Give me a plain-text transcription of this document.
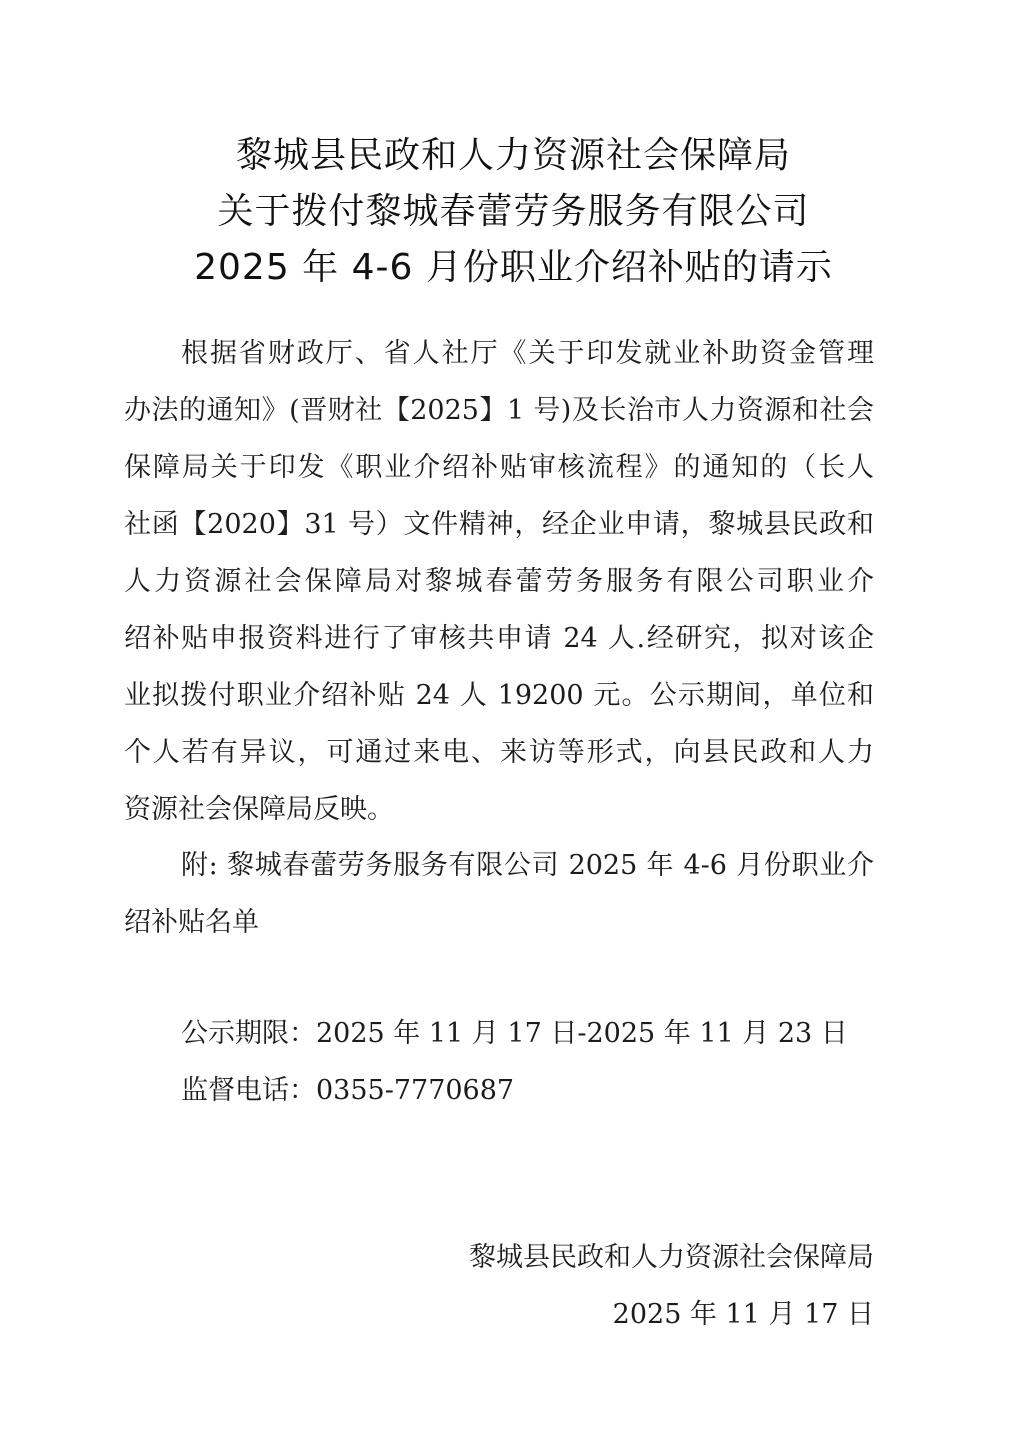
黎城县民政和人力资源社会保障局
关于拨付黎城春蕾劳务服务有限公司
2025 年 4-6 月份职业介绍补贴的请示
根据省财政厅、省人社厅《关于印发就业补助资金管理
办法的通知》(晋财社【2025】1 号)及长治市人力资源和社会
保障局关于印发《职业介绍补贴审核流程》的通知的（长人
社函【2020】31 号）文件精神，经企业申请，黎城县民政和
人力资源社会保障局对黎城春蕾劳务服务有限公司职业介
绍补贴申报资料进行了审核共申请 24 人.经研究，拟对该企
业拟拨付职业介绍补贴 24 人 19200 元。公示期间，单位和
个人若有异议，可通过来电、来访等形式，向县民政和人力
资源社会保障局反映。
附: 黎城春蕾劳务服务有限公司 2025 年 4-6 月份职业介
绍补贴名单
公示期限：2025 年 11 月 17 日-2025 年 11 月 23 日
监督电话：0355-7770687
黎城县民政和人力资源社会保障局
2025 年 11 月 17 日
